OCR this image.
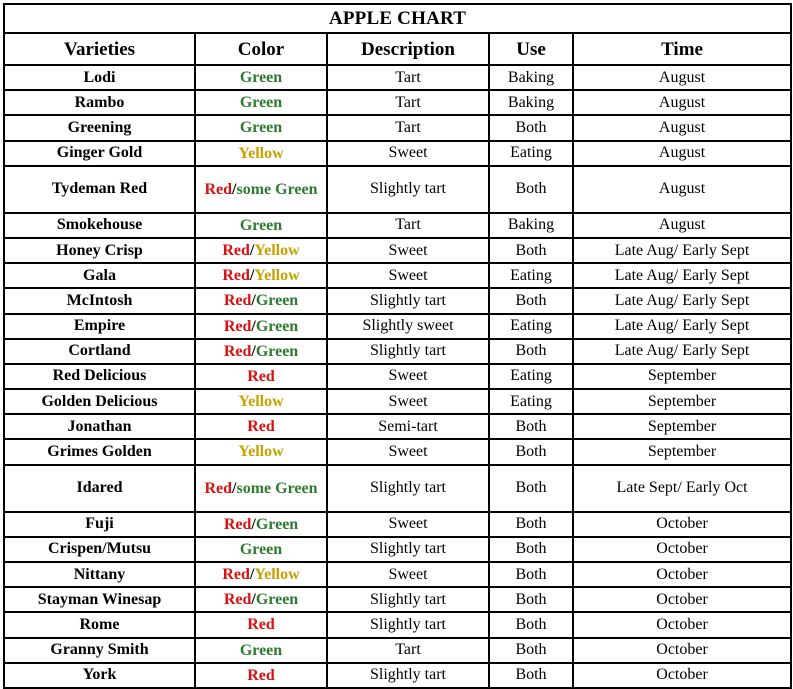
APPLE CHART				
Varieties	Color	Description	Use	Time
Lodi	Green	Tart	Baking	August
Rambo	Green	Tart	Baking	August
Greening	Green	Tart	Both	August
Ginger Gold	Yellow	Sweet	Eating	August
Tydeman Red	Red/some Green	Slightly tart	Both	August
Smokehouse	Green	Tart	Baking	August
Honey Crisp	Red/Yellow	Sweet	Both	Late Aug/ Early Sept
Gala	Red/Yellow	Sweet	Eating	Late Aug/ Early Sept
McIntosh	Red/Green	Slightly tart	Both	Late Aug/ Early Sept
Empire	Red/Green	Slightly sweet	Eating	Late Aug/ Early Sept
Cortland	Red/Green	Slightly tart	Both	Late Aug/ Early Sept
Red Delicious	Red	Sweet	Eating	September
Golden Delicious	Yellow	Sweet	Eating	September
Jonathan	Red	Semi-tart	Both	September
Grimes Golden	Yellow	Sweet	Both	September
Idared	Red/some Green	Slightly tart	Both	Late Sept/ Early Oct
Fuji	Red/Green	Sweet	Both	October
Crispen/Mutsu	Green	Slightly tart	Both	October
Nittany	Red/Yellow	Sweet	Both	October
Stayman Winesap	Red/Green	Slightly tart	Both	October
Rome	Red	Slightly tart	Both	October
Granny Smith	Green	Tart	Both	October
York	Red	Slightly tart	Both	October
